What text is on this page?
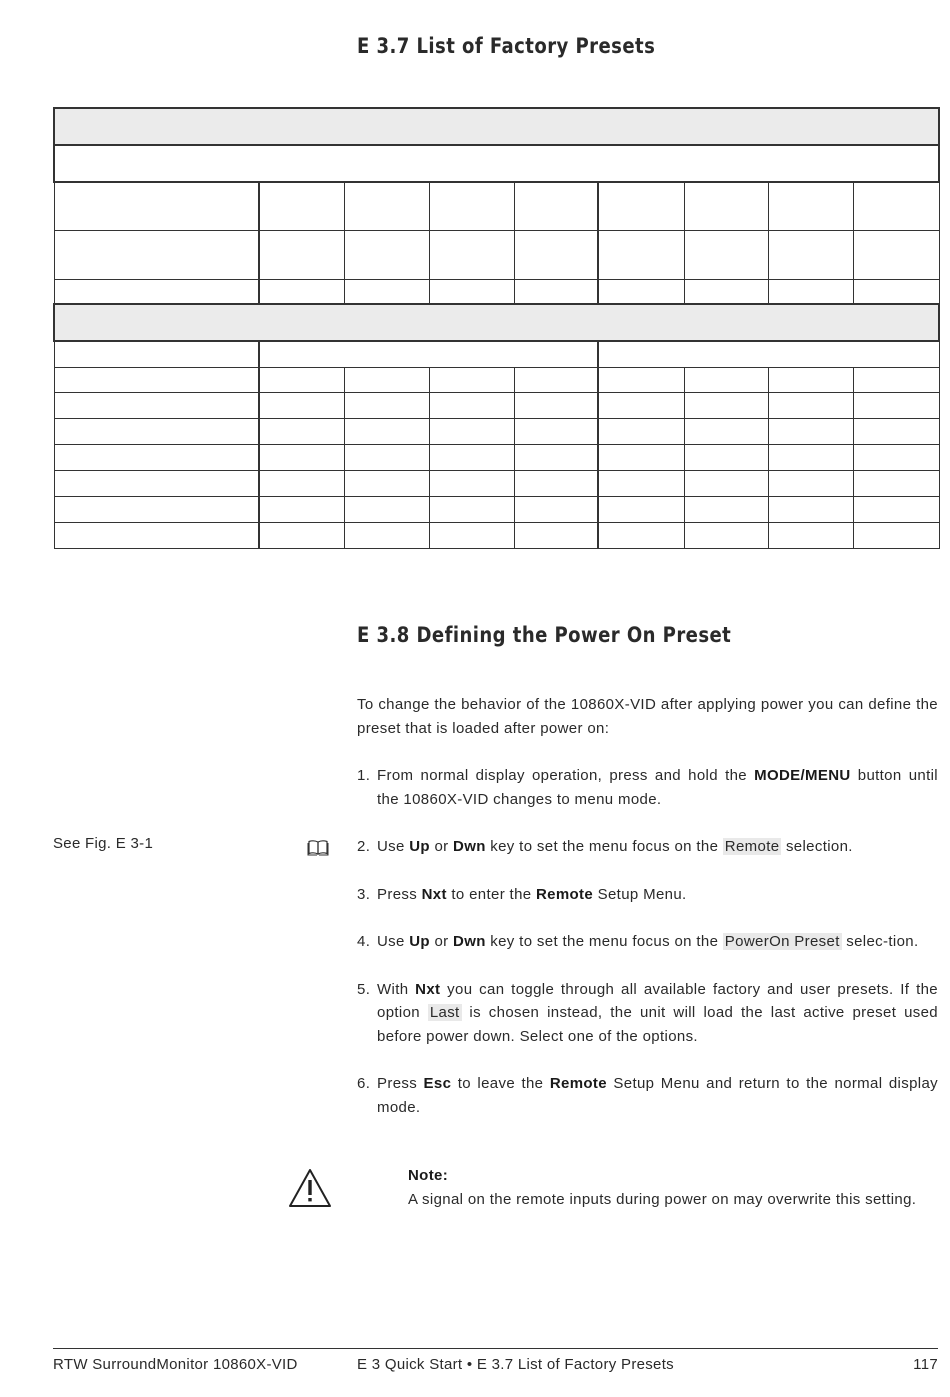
E 3.7 List of Factory Presets

E 3.8 Defining the Power On Preset

To change the behavior of the 10860X-VID after applying power you can define the preset that is loaded after power on:

1. From normal display operation, press and hold the MODE/MENU button until the 10860X-VID changes to menu mode.
2. Use Up or Dwn key to set the menu focus on the Remote selection.
3. Press Nxt to enter the Remote Setup Menu.
4. Use Up or Dwn key to set the menu focus on the PowerOn Preset selec-tion.
5. With Nxt you can toggle through all available factory and user presets. If the option Last is chosen instead, the unit will load the last active preset used before power down. Select one of the options.
6. Press Esc to leave the Remote Setup Menu and return to the normal display mode.
See Fig. E 3-1

Note:

A signal on the remote inputs during power on may overwrite this setting.

RTW SurroundMonitor 10860X-VID	E 3 Quick Start • E 3.7 List of Factory Presets	117
